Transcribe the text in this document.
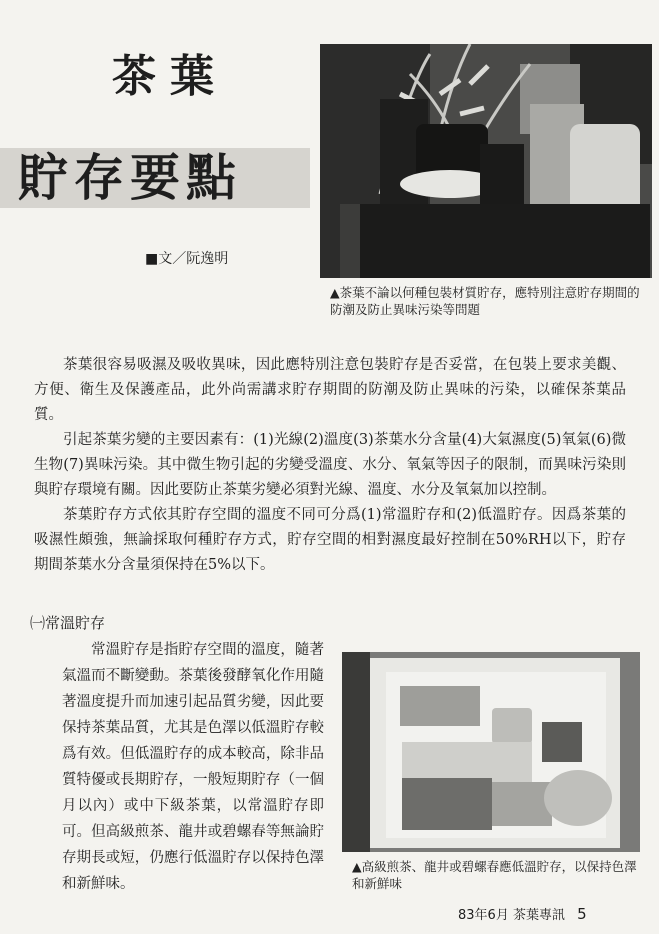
茶葉
貯存要點
■文／阮逸明
▲茶葉不論以何種包裝材質貯存，應特別注意貯存期間的防潮及防止異味污染等問題

茶葉很容易吸濕及吸收異味，因此應特別注意包裝貯存是否妥當，在包裝上要求美觀、方便、衛生及保護產品，此外尚需講求貯存期間的防潮及防止異味的污染，以確保茶葉品質。

引起茶葉劣變的主要因素有：(1)光線(2)溫度(3)茶葉水分含量(4)大氣濕度(5)氧氣(6)微生物(7)異味污染。其中微生物引起的劣變受溫度、水分、氧氣等因子的限制，而異味污染則與貯存環境有關。因此要防止茶葉劣變必須對光線、溫度、水分及氧氣加以控制。

茶葉貯存方式依其貯存空間的溫度不同可分爲(1)常溫貯存和(2)低溫貯存。因爲茶葉的吸濕性頗強，無論採取何種貯存方式，貯存空間的相對濕度最好控制在50%RH以下，貯存期間茶葉水分含量須保持在5%以下。

㈠常溫貯存

常溫貯存是指貯存空間的溫度，隨著氣溫而不斷變動。茶葉後發酵氧化作用隨著溫度提升而加速引起品質劣變，因此要保持茶葉品質，尤其是色澤以低溫貯存較爲有效。但低溫貯存的成本較高，除非品質特優或長期貯存，一般短期貯存（一個月以內）或中下級茶葉，以常溫貯存即可。但高級煎茶、龍井或碧螺春等無論貯存期長或短，仍應行低溫貯存以保持色澤和新鮮味。

▲高級煎茶、龍井或碧螺春應低溫貯存，以保持色澤和新鮮味
83年6月 茶葉專訊 5
